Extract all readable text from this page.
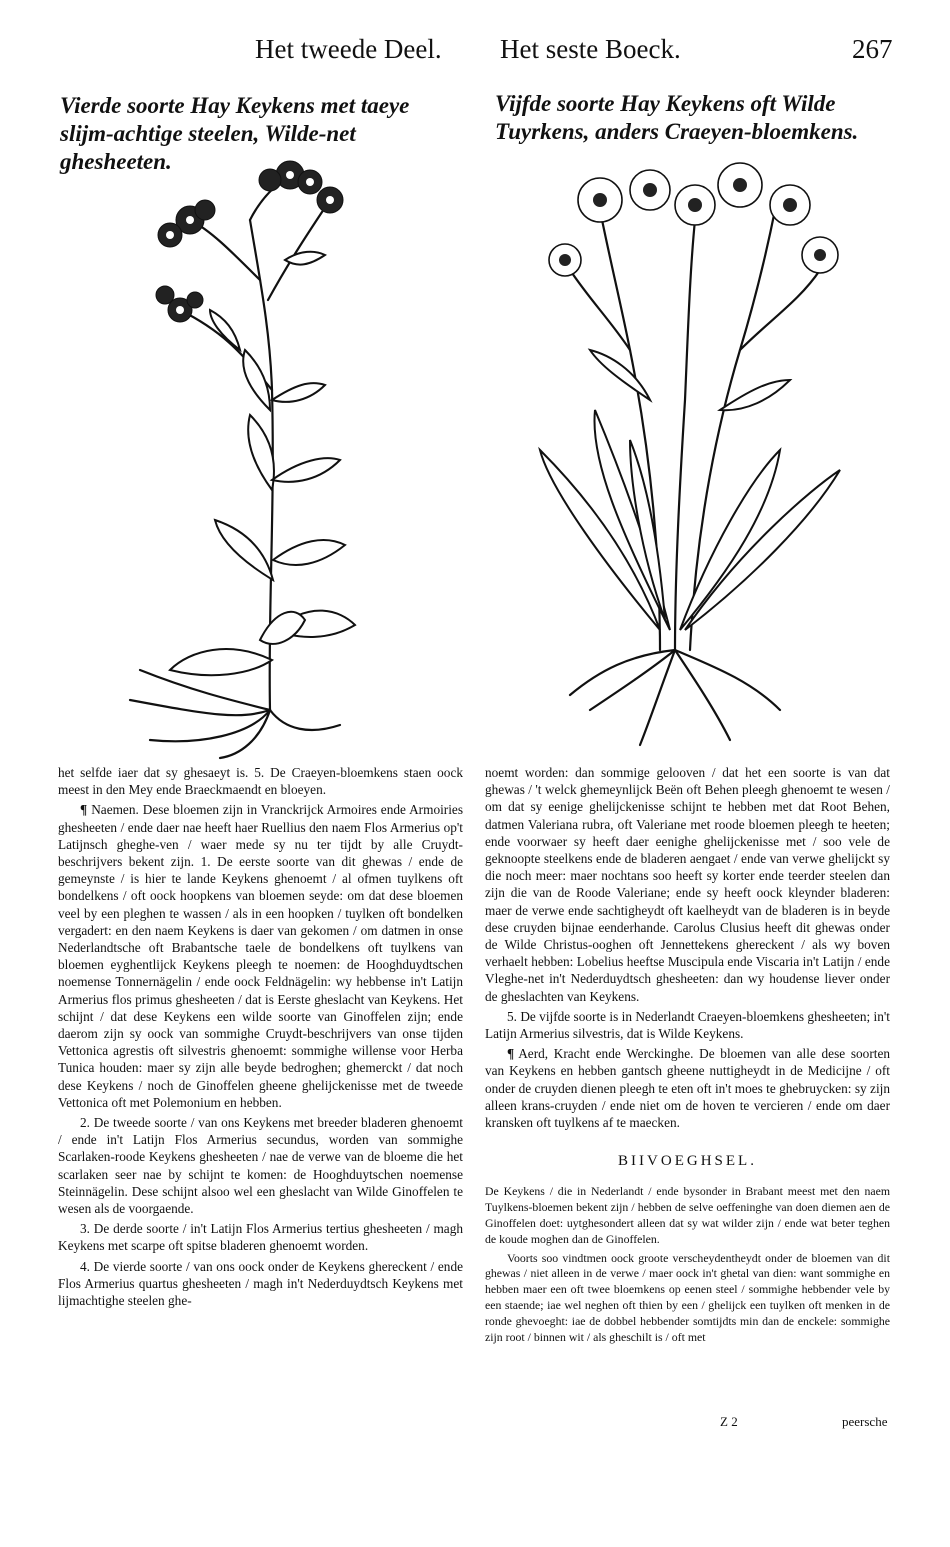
Het tweede Deel. Het seste Boeck.	267
Vierde soorte Hay Keykens met taeye slijm-achtige steelen, Wilde-net ghesheeten.
Vijfde soorte Hay Keykens oft Wilde Tuyrkens, anders Craeyen-bloemkens.

het selfde iaer dat sy ghesaeyt is. 5. De Craeyen-bloemkens staen oock meest in den Mey ende Braeckmaendt en bloeyen.

¶ Naemen. Dese bloemen zijn in Vranckrijck Armoires ende Armoiries ghesheeten / ende daer nae heeft haer Ruellius den naem Flos Armerius op't Latijnsch gheghe-ven / waer mede sy nu ter tijdt by alle Cruydt-beschrijvers bekent zijn. 1. De eerste soorte van dit ghewas / ende de gemeynste / is hier te lande Keykens ghenoemt / al ofmen tuylkens oft bondelkens / oft oock hoopkens van bloemen seyde: om dat dese bloemen veel by een pleghen te wassen / als in een hoopken / tuylken oft bondelken vergadert: en den naem Keykens is daer van gekomen / om datmen in onse Nederlandtsche oft Brabantsche taele de bondelkens oft tuylkens van bloemen eyghentlijck Keykens pleegh te noemen: de Hooghduydtschen noemense Tonnernägelin / ende oock Feldnägelin: wy hebbense in't Latijn Armerius flos primus ghesheeten / dat is Eerste gheslacht van Keykens. Het schijnt / dat dese Keykens een wilde soorte van Ginoffelen zijn; ende daerom zijn sy oock van sommighe Cruydt-beschrijvers van onse tijden Vettonica agrestis oft silvestris ghenoemt: sommighe willense voor Herba Tunica houden: maer sy zijn alle beyde bedroghen; ghemerckt / dat noch dese Keykens / noch de Ginoffelen gheene ghelijckenisse met de tweede Vettonica oft met Polemonium en hebben.

2. De tweede soorte / van ons Keykens met breeder bladeren ghenoemt / ende in't Latijn Flos Armerius secundus, worden van sommighe Scarlaken-roode Keykens ghesheeten / nae de verwe van de bloeme die het scarlaken seer nae by schijnt te komen: de Hooghduytschen noemense Steinnägelin. Dese schijnt alsoo wel een gheslacht van Wilde Ginoffelen te wesen als de voorgaende.

3. De derde soorte / in't Latijn Flos Armerius tertius ghesheeten / magh Keykens met scarpe oft spitse bladeren ghenoemt worden.

4. De vierde soorte / van ons oock onder de Keykens ghereckent / ende Flos Armerius quartus ghesheeten / magh in't Nederduydtsch Keykens met lijmachtighe steelen ghe-

noemt worden: dan sommige gelooven / dat het een soorte is van dat ghewas / 't welck ghemeynlijck Beën oft Behen pleegh ghenoemt te wesen / om dat sy eenige ghelijckenisse schijnt te hebben met dat Root Behen, datmen Valeriana rubra, oft Valeriane met roode bloemen pleegh te heeten; ende voorwaer sy heeft daer eenighe ghelijckenisse met / soo vele de geknoopte steelkens ende de bladeren aengaet / ende van verwe ghelijckt sy die noch meer: maer nochtans soo heeft sy korter ende teerder steelen dan zijn die van de Roode Valeriane; ende sy heeft oock kleynder bladeren: maer de verwe ende sachtigheydt oft kaelheydt van de bladeren is in beyde dese cruyden bijnae eenderhande. Carolus Clusius heeft dit ghewas onder de Wilde Christus-ooghen oft Jennettekens ghereckent / als wy boven verhaelt hebben: Lobelius heeftse Muscipula ende Viscaria in't Latijn / ende Vleghe-net in't Nederduydtsch ghesheeten: dan wy houdense liever onder de gheslachten van Keykens.

5. De vijfde soorte is in Nederlandt Craeyen-bloemkens ghesheeten; in't Latijn Armerius silvestris, dat is Wilde Keykens.

¶ Aerd, Kracht ende Werckinghe. De bloemen van alle dese soorten van Keykens en hebben gantsch gheene nuttigheydt in de Medicijne / oft onder de cruyden dienen pleegh te eten oft in't moes te ghebruycken: sy zijn alleen krans-cruyden / ende niet om de hoven te vercieren / ende om daer kransken oft tuylkens af te maecken.

BIIVOEGHSEL.

De Keykens / die in Nederlandt / ende bysonder in Brabant meest met den naem Tuylkens-bloemen bekent zijn / hebben de selve oeffeninghe van doen diemen aen de Ginoffelen doet: uytghesondert alleen dat sy wat wilder zijn / ende wat beter teghen de koude moghen dan de Ginoffelen.

Voorts soo vindtmen oock groote verscheydentheydt onder de bloemen van dit ghewas / niet alleen in de verwe / maer oock in't ghetal van dien: want sommighe en hebben maer een oft twee bloemkens op eenen steel / sommighe hebbender vele by een staende; iae wel neghen oft thien by een / ghelijck een tuylken oft menken in de ronde ghevoeght: iae de dobbel hebbender somtijdts min dan de enckele: sommighe zijn root / binnen wit / als gheschilt is / oft met

Z 2	peersche
